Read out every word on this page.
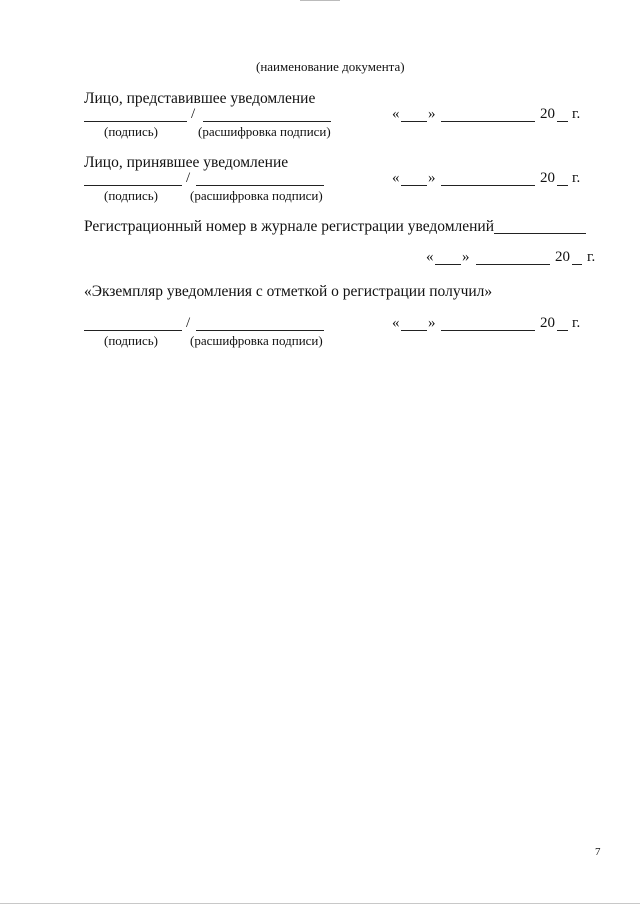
(наименование документа)
Лицо, представившее уведомление
/
(подпись)	(расшифровка подписи)
« »	20 г.
Лицо, принявшее уведомление
/
(подпись) (расшифровка подписи)
« »	20 г.
Регистрационный номер в журнале регистрации уведомлений
« »	20 г.
«Экземпляр уведомления с отметкой о регистрации получил»
/
(подпись) (расшифровка подписи)
« »	20 г.
7
